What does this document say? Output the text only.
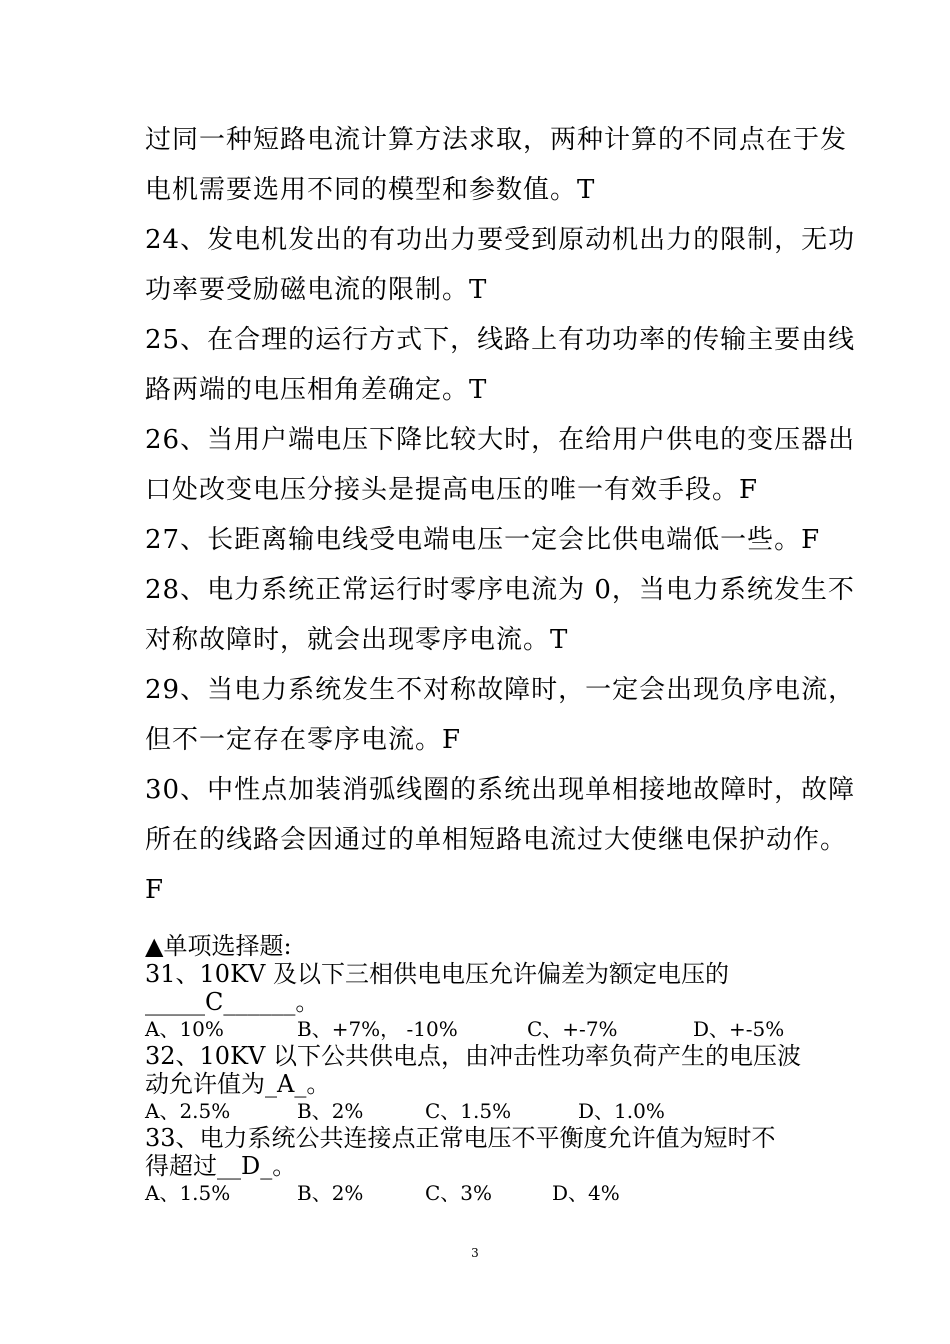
过同一种短路电流计算方法求取，两种计算的不同点在于发

电机需要选用不同的模型和参数值。T

24、发电机发出的有功出力要受到原动机出力的限制，无功

功率要受励磁电流的限制。T

25、在合理的运行方式下，线路上有功功率的传输主要由线

路两端的电压相角差确定。T

26、当用户端电压下降比较大时，在给用户供电的变压器出

口处改变电压分接头是提高电压的唯一有效手段。F

27、长距离输电线受电端电压一定会比供电端低一些。F

28、电力系统正常运行时零序电流为 0，当电力系统发生不

对称故障时，就会出现零序电流。T

29、当电力系统发生不对称故障时，一定会出现负序电流，

但不一定存在零序电流。F

30、中性点加装消弧线圈的系统出现单相接地故障时，故障

所在的线路会因通过的单相短路电流过大使继电保护动作。

F

▲单项选择题:

31、10KV 及以下三相供电电压允许偏差为额定电压的

_____C______。

A、10%	B、+7%， -10%	C、+-7%	D、+-5%

32、10KV 以下公共供电点，由冲击性功率负荷产生的电压波

动允许值为_A_。

A、2.5%	B、2%	C、1.5%	D、1.0%

33、电力系统公共连接点正常电压不平衡度允许值为短时不

得超过__D_。

A、1.5%	B、2%	C、3%	D、4%
3
